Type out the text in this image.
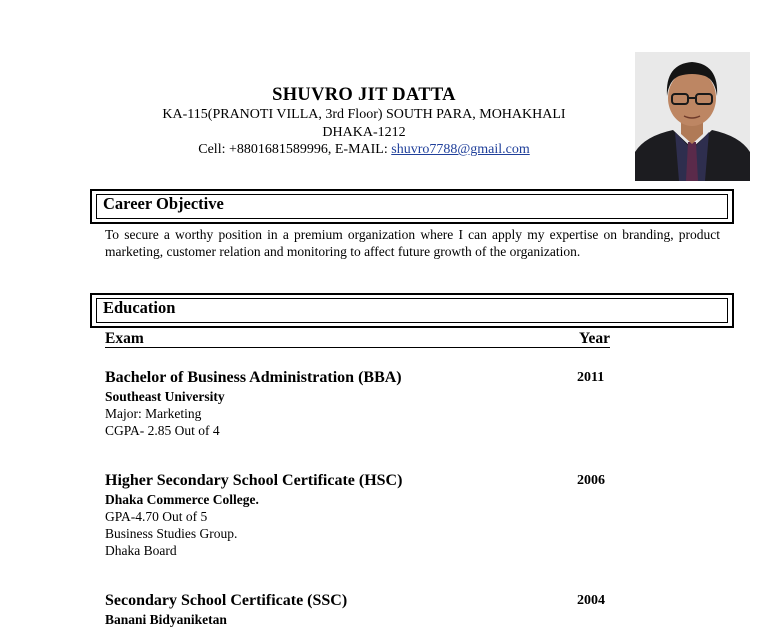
SHUVRO JIT DATTA
KA-115(PRANOTI VILLA, 3rd Floor) SOUTH PARA, MOHAKHALI
DHAKA-1212
Cell: +8801681589996, E-MAIL: shuvro7788@gmail.com
Career Objective
To secure a worthy position in a premium organization where I can apply my expertise on branding, product marketing, customer relation and monitoring to affect future growth of the organization.
Education
Exam	Year
Bachelor of Business Administration (BBA)
Southeast University
Major: Marketing
CGPA- 2.85 Out of 4
2011
Higher Secondary School Certificate (HSC)
Dhaka Commerce College.
GPA-4.70 Out of 5
Business Studies Group.
Dhaka Board
2006
Secondary School Certificate (SSC)
Banani Bidyaniketan
2004
